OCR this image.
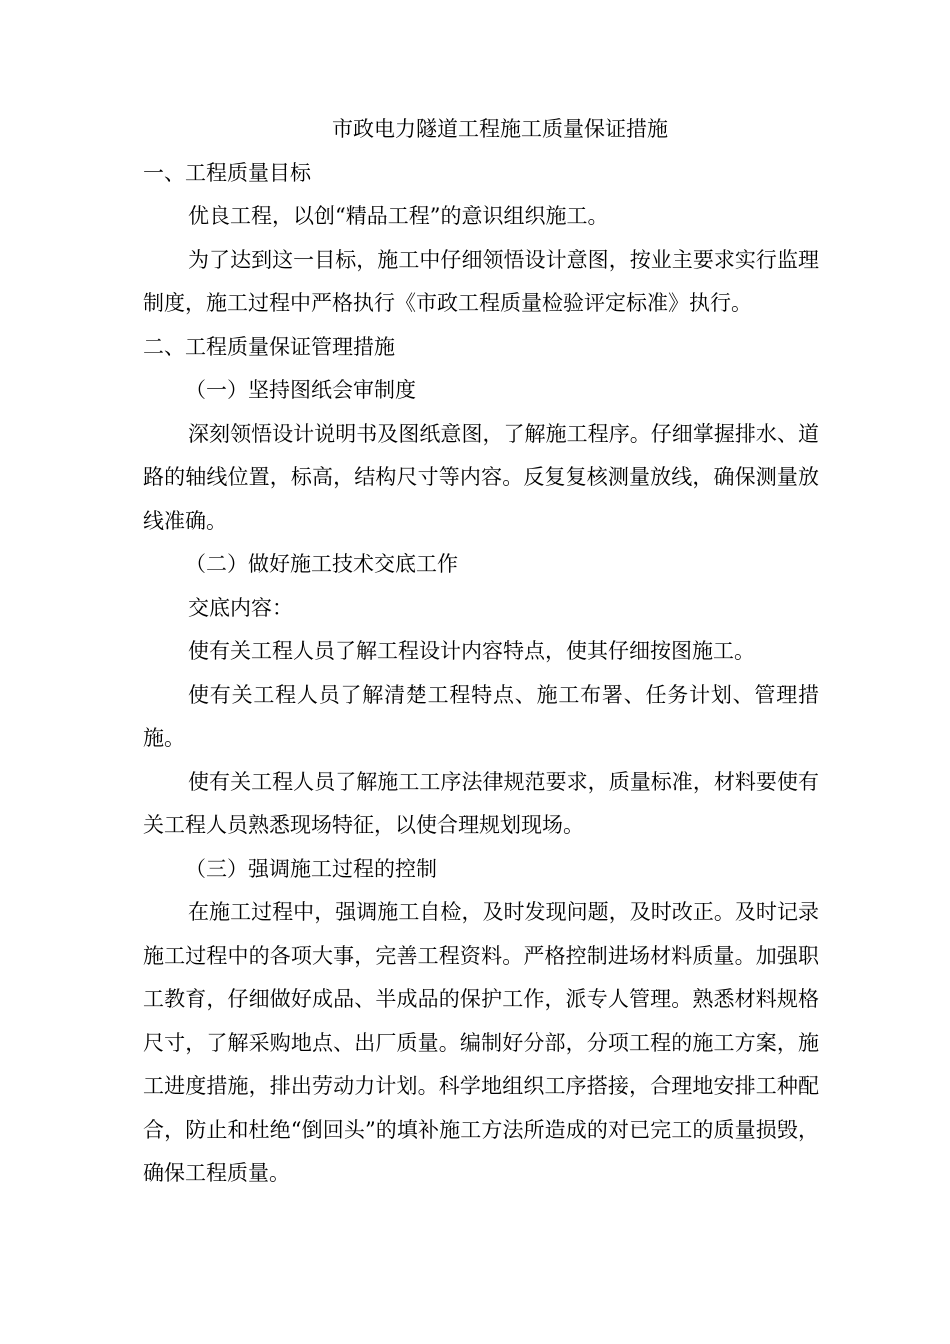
市政电力隧道工程施工质量保证措施
一、工程质量目标

优良工程，以创“精品工程”的意识组织施工。

为了达到这一目标，施工中仔细领悟设计意图，按业主要求实行监理制度，施工过程中严格执行《市政工程质量检验评定标准》执行。

二、工程质量保证管理措施
（一）坚持图纸会审制度

深刻领悟设计说明书及图纸意图，了解施工程序。仔细掌握排水、道路的轴线位置，标高，结构尺寸等内容。反复复核测量放线，确保测量放线准确。

（二）做好施工技术交底工作

交底内容：

使有关工程人员了解工程设计内容特点，使其仔细按图施工。

使有关工程人员了解清楚工程特点、施工布署、任务计划、管理措施。

使有关工程人员了解施工工序法律规范要求，质量标准，材料要使有关工程人员熟悉现场特征，以使合理规划现场。

（三）强调施工过程的控制

在施工过程中，强调施工自检，及时发现问题，及时改正。及时记录施工过程中的各项大事，完善工程资料。严格控制进场材料质量。加强职工教育，仔细做好成品、半成品的保护工作，派专人管理。熟悉材料规格尺寸，了解采购地点、出厂质量。编制好分部，分项工程的施工方案，施工进度措施，排出劳动力计划。科学地组织工序搭接，合理地安排工种配合，防止和杜绝“倒回头”的填补施工方法所造成的对已完工的质量损毁，确保工程质量。
